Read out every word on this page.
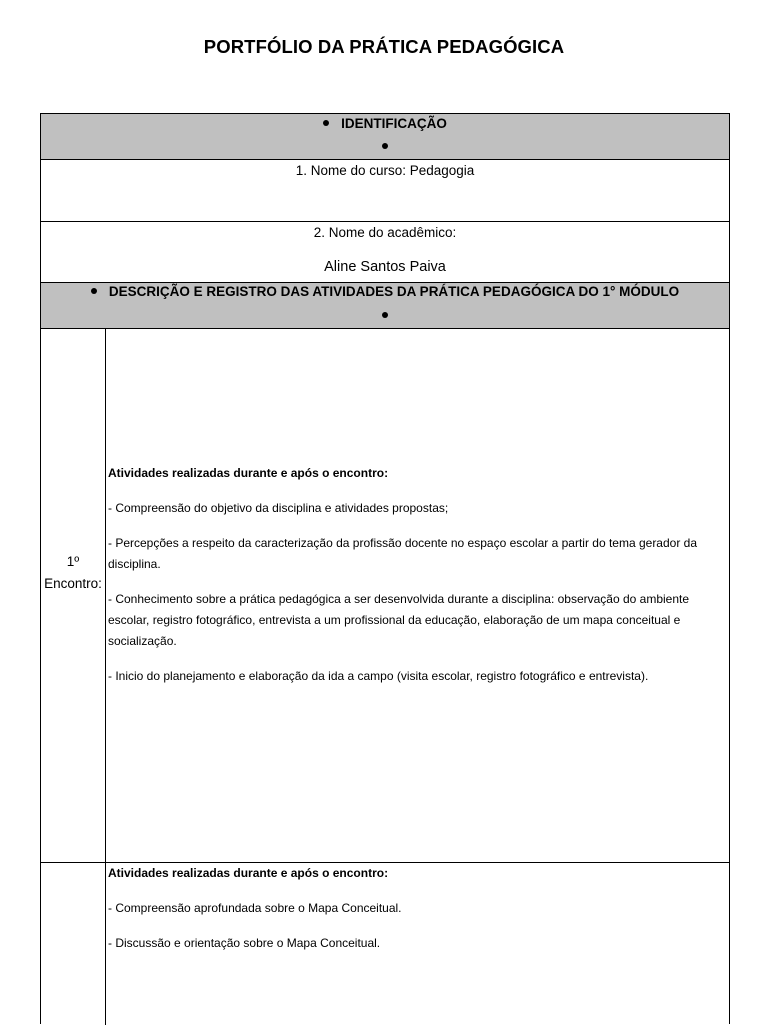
PORTFÓLIO DA PRÁTICA PEDAGÓGICA
IDENTIFICAÇÃO
1. Nome do curso: Pedagogia
2. Nome do acadêmico:
Aline Santos Paiva
DESCRIÇÃO E REGISTRO DAS ATIVIDADES DA PRÁTICA PEDAGÓGICA DO 1° MÓDULO
1º
Encontro:

Atividades realizadas durante e após o encontro:

- Compreensão do objetivo da disciplina e atividades propostas;

- Percepções a respeito da caracterização da profissão docente no espaço escolar a partir do tema gerador da disciplina.

- Conhecimento sobre a prática pedagógica a ser desenvolvida durante a disciplina: observação do ambiente escolar, registro fotográfico, entrevista a um profissional da educação, elaboração de um mapa conceitual e socialização.

- Inicio do planejamento e elaboração da ida a campo (visita escolar, registro fotográfico e entrevista).

Atividades realizadas durante e após o encontro:

- Compreensão aprofundada sobre o Mapa Conceitual.

- Discussão e orientação sobre o Mapa Conceitual.
